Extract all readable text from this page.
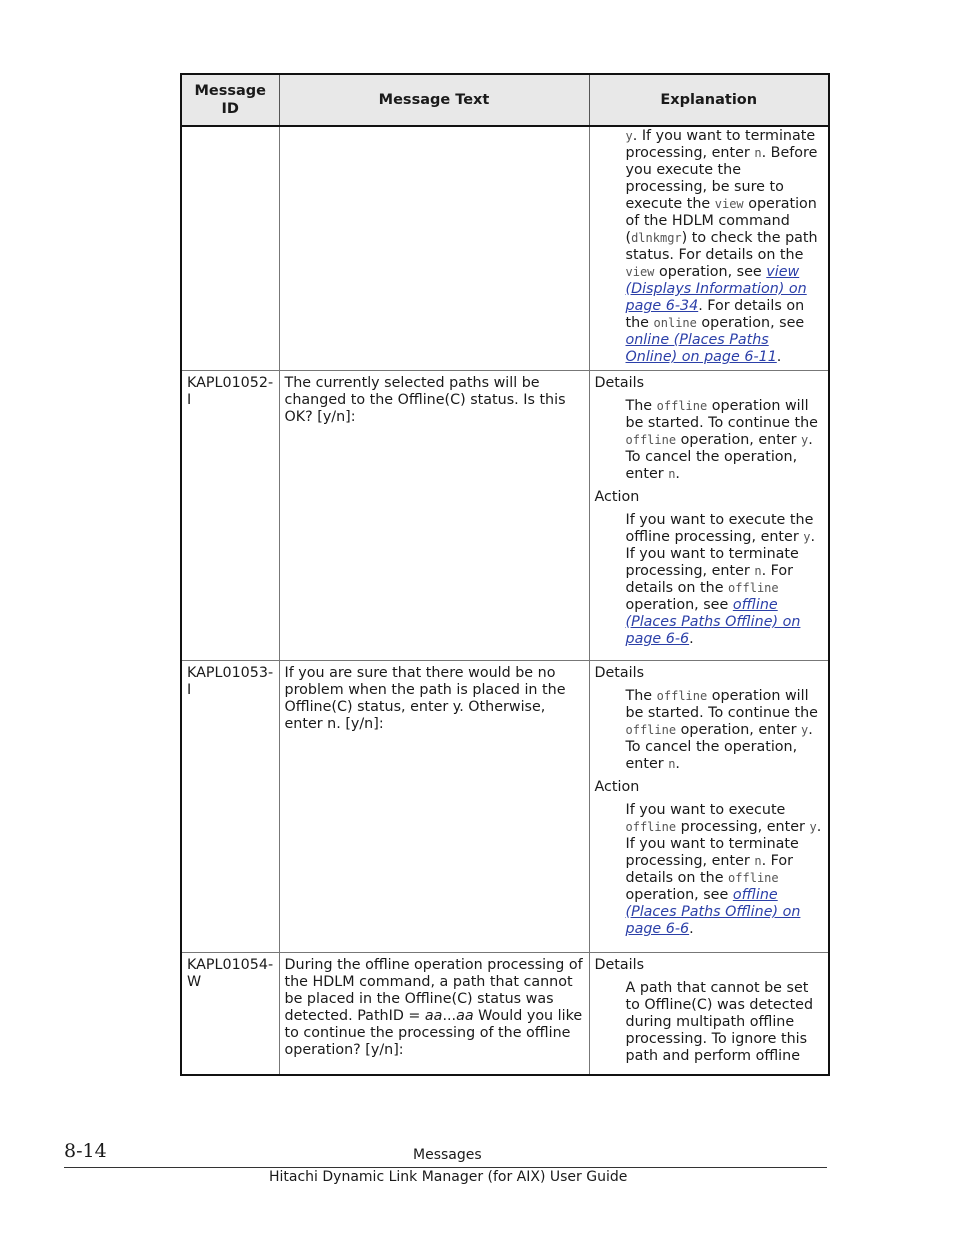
Message ID	Message Text	Explanation

		y. If you want to terminate processing, enter n. Before you execute the processing, be sure to execute the view operation of the HDLM command (dlnkmgr) to check the path status. For details on the view operation, see view (Displays Information) on page 6-34. For details on the online operation, see online (Places Paths Online) on page 6-11.

KAPL01052-I	The currently selected paths will be changed to the Offline(C) status. Is this OK? [y/n]:	Details
The offline operation will be started. To continue the offline operation, enter y. To cancel the operation, enter n.
Action
If you want to execute the offline processing, enter y. If you want to terminate processing, enter n. For details on the offline operation, see offline (Places Paths Offline) on page 6-6.

KAPL01053-I	If you are sure that there would be no problem when the path is placed in the Offline(C) status, enter y. Otherwise, enter n. [y/n]:	Details
The offline operation will be started. To continue the offline operation, enter y. To cancel the operation, enter n.
Action
If you want to execute offline processing, enter y. If you want to terminate processing, enter n. For details on the offline operation, see offline (Places Paths Offline) on page 6-6.

KAPL01054-W	During the offline operation processing of the HDLM command, a path that cannot be placed in the Offline(C) status was detected. PathID = aa...aa Would you like to continue the processing of the offline operation? [y/n]:	Details
A path that cannot be set to Offline(C) was detected during multipath offline processing. To ignore this path and perform offline
8-14	Messages
Hitachi Dynamic Link Manager (for AIX) User Guide
